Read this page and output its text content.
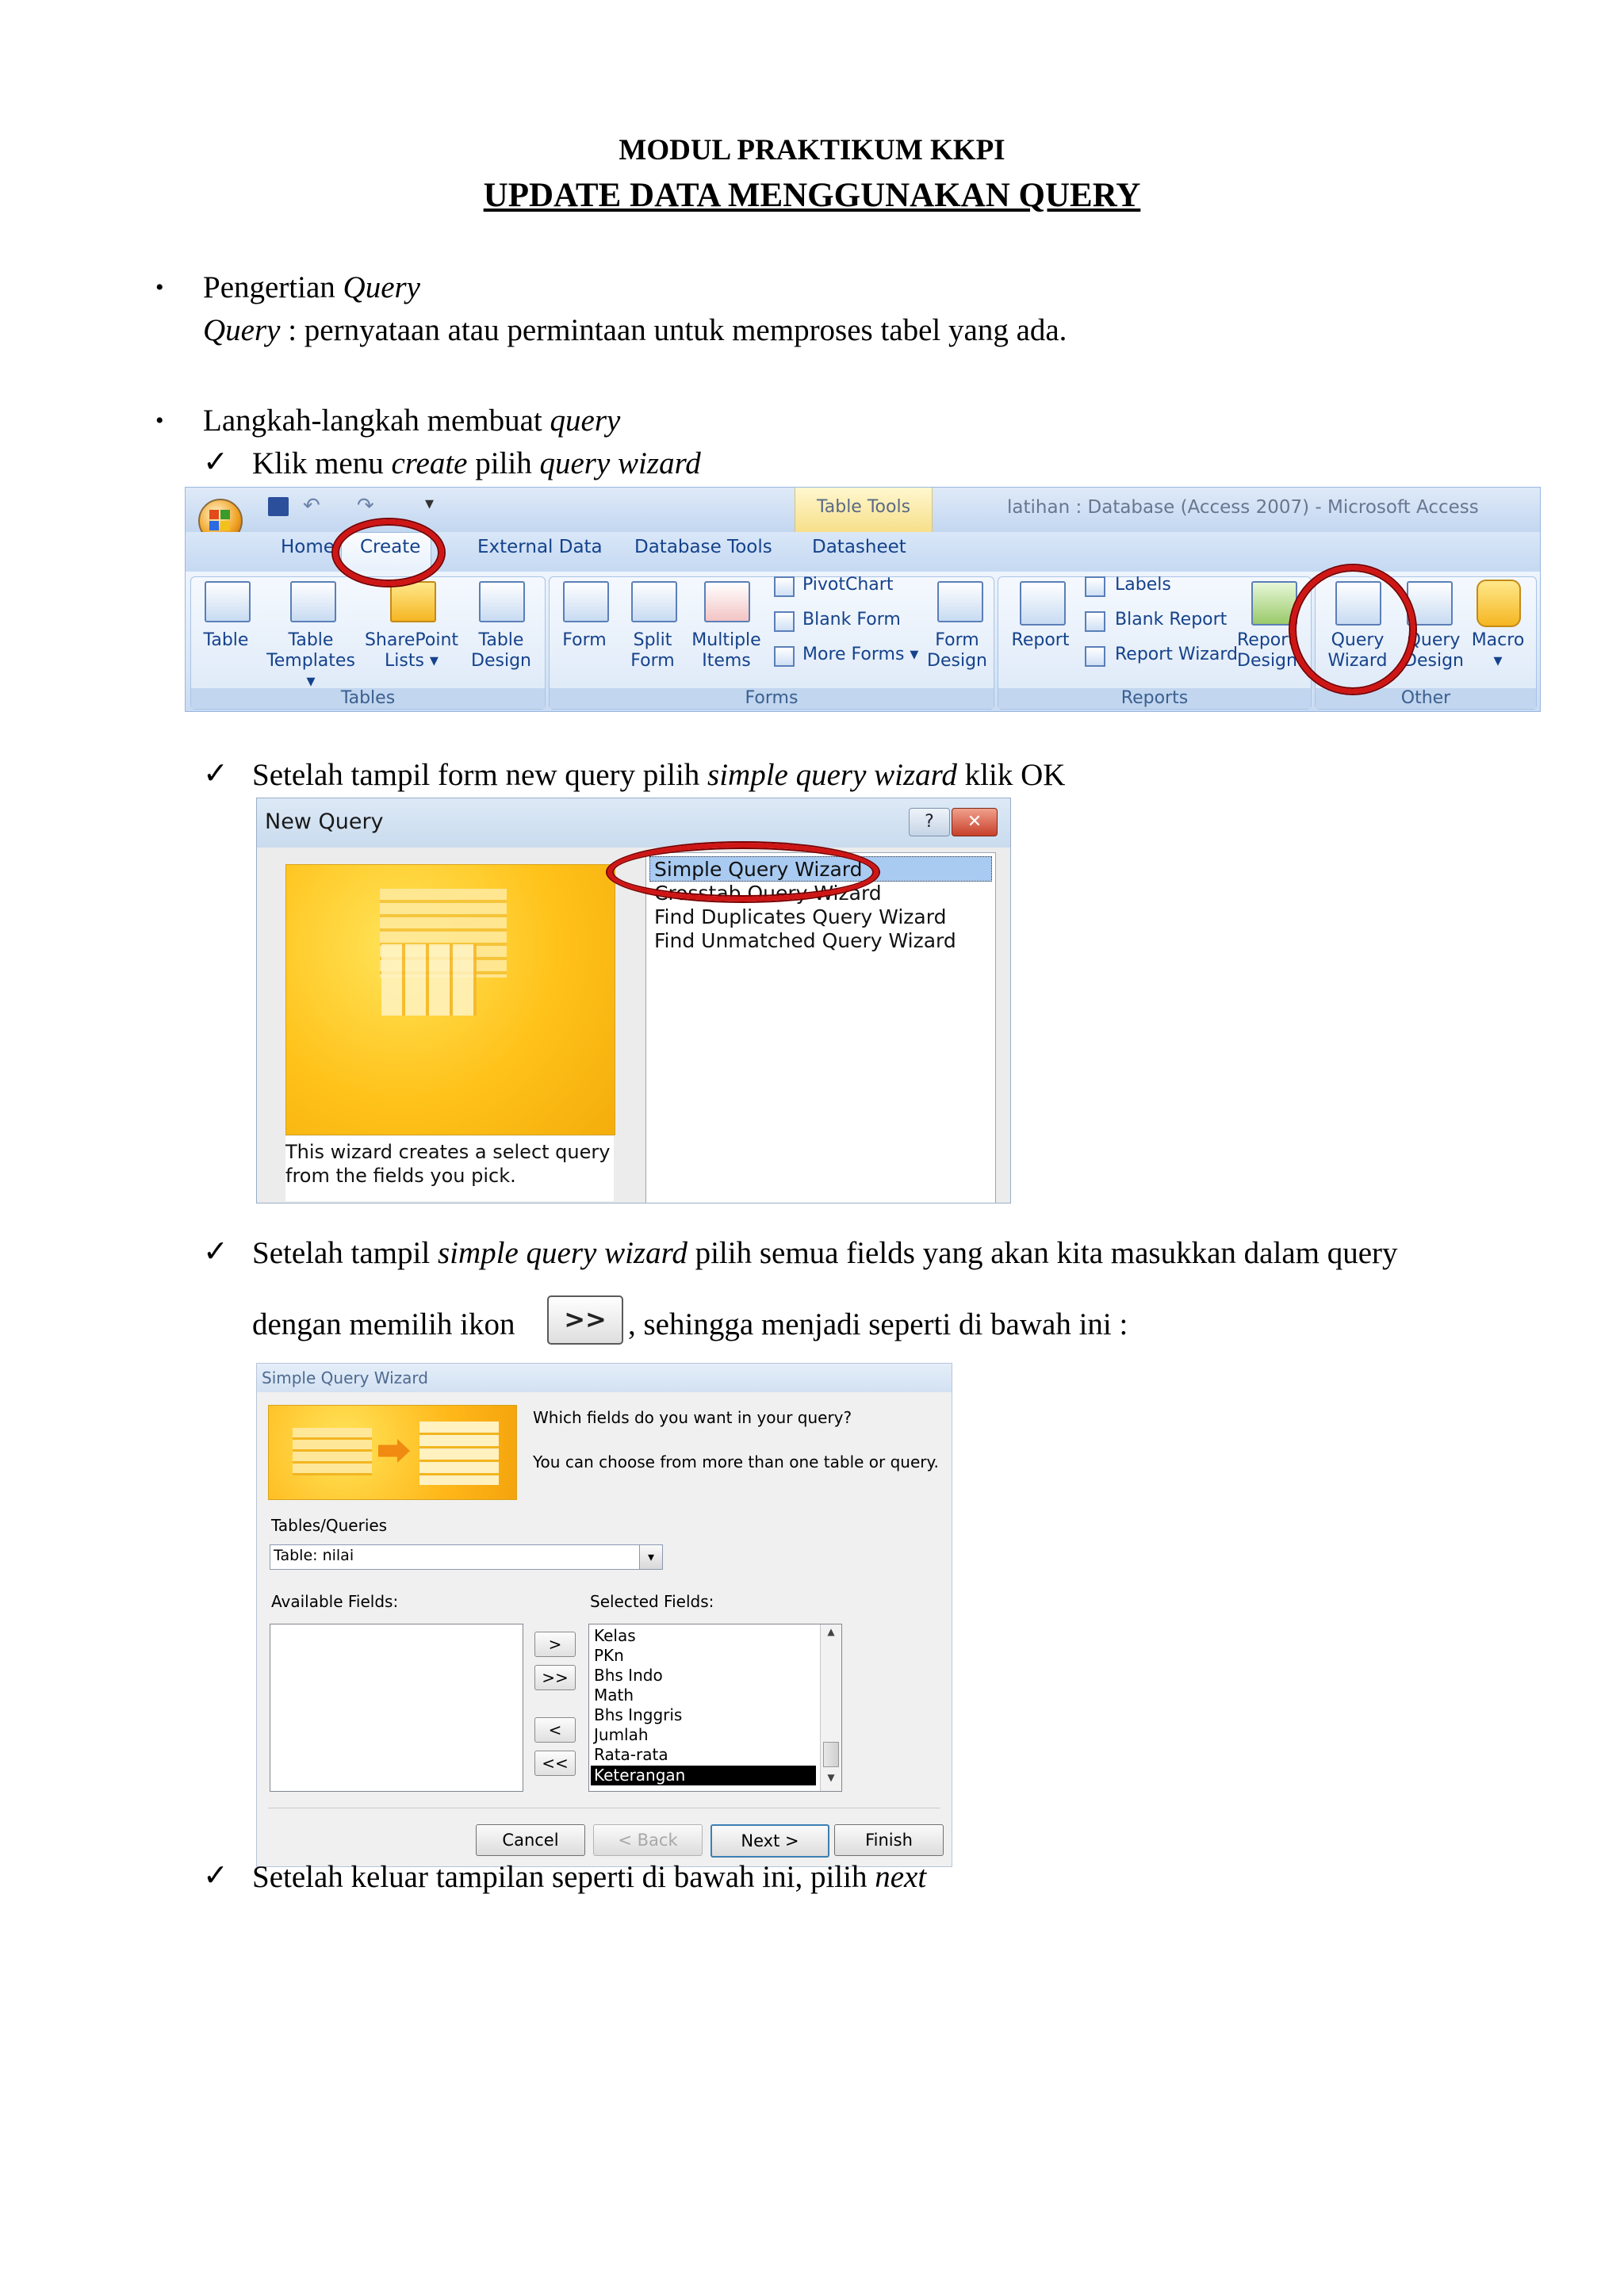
MODUL PRAKTIKUM KKPI
UPDATE DATA MENGGUNAKAN QUERY
• Pengertian Query
Query : pernyataan atau permintaan untuk memproses tabel yang ada.
• Langkah-langkah membuat query
✓ Klik menu create pilih query wizard
↶ ↷	▾	Table Tools	latihan : Database (Access 2007) - Microsoft Access
Home Create	External Data Database Tools Datasheet
Tables
Table	Table
Templates ▾
SharePoint
Lists ▾
Table
Design
Forms
Form	Split
Form
Multiple
Items
PivotChart
Blank Form
More Forms ▾
Form
Design
Reports
Report
Labels
Blank Report
Report Wizard
Report
Design
Other
Query
Wizard
Query
Design
Macro
▾
✓ Setelah tampil form new query pilih simple query wizard klik OK
New Query	?	✕
This wizard creates a select query
from the fields you pick.
Simple Query Wizard
Crosstab Query Wizard
Find Duplicates Query Wizard
Find Unmatched Query Wizard
✓ Setelah tampil simple query wizard pilih semua fields yang akan kita masukkan dalam query
dengan memilih ikon	>> , sehingga menjadi seperti di bawah ini :
Simple Query Wizard
Which fields do you want in your query?
You can choose from more than one table or query.
Tables/Queries
Table: nilai	▾
Available Fields:	Selected Fields:
>
>>
<
<<
Kelas
PKn
Bhs Indo
Math
Bhs Inggris
Jumlah
Rata-rata
Keterangan
▲
▼
Cancel	< Back	Next >	Finish
✓ Setelah keluar tampilan seperti di bawah ini, pilih next
